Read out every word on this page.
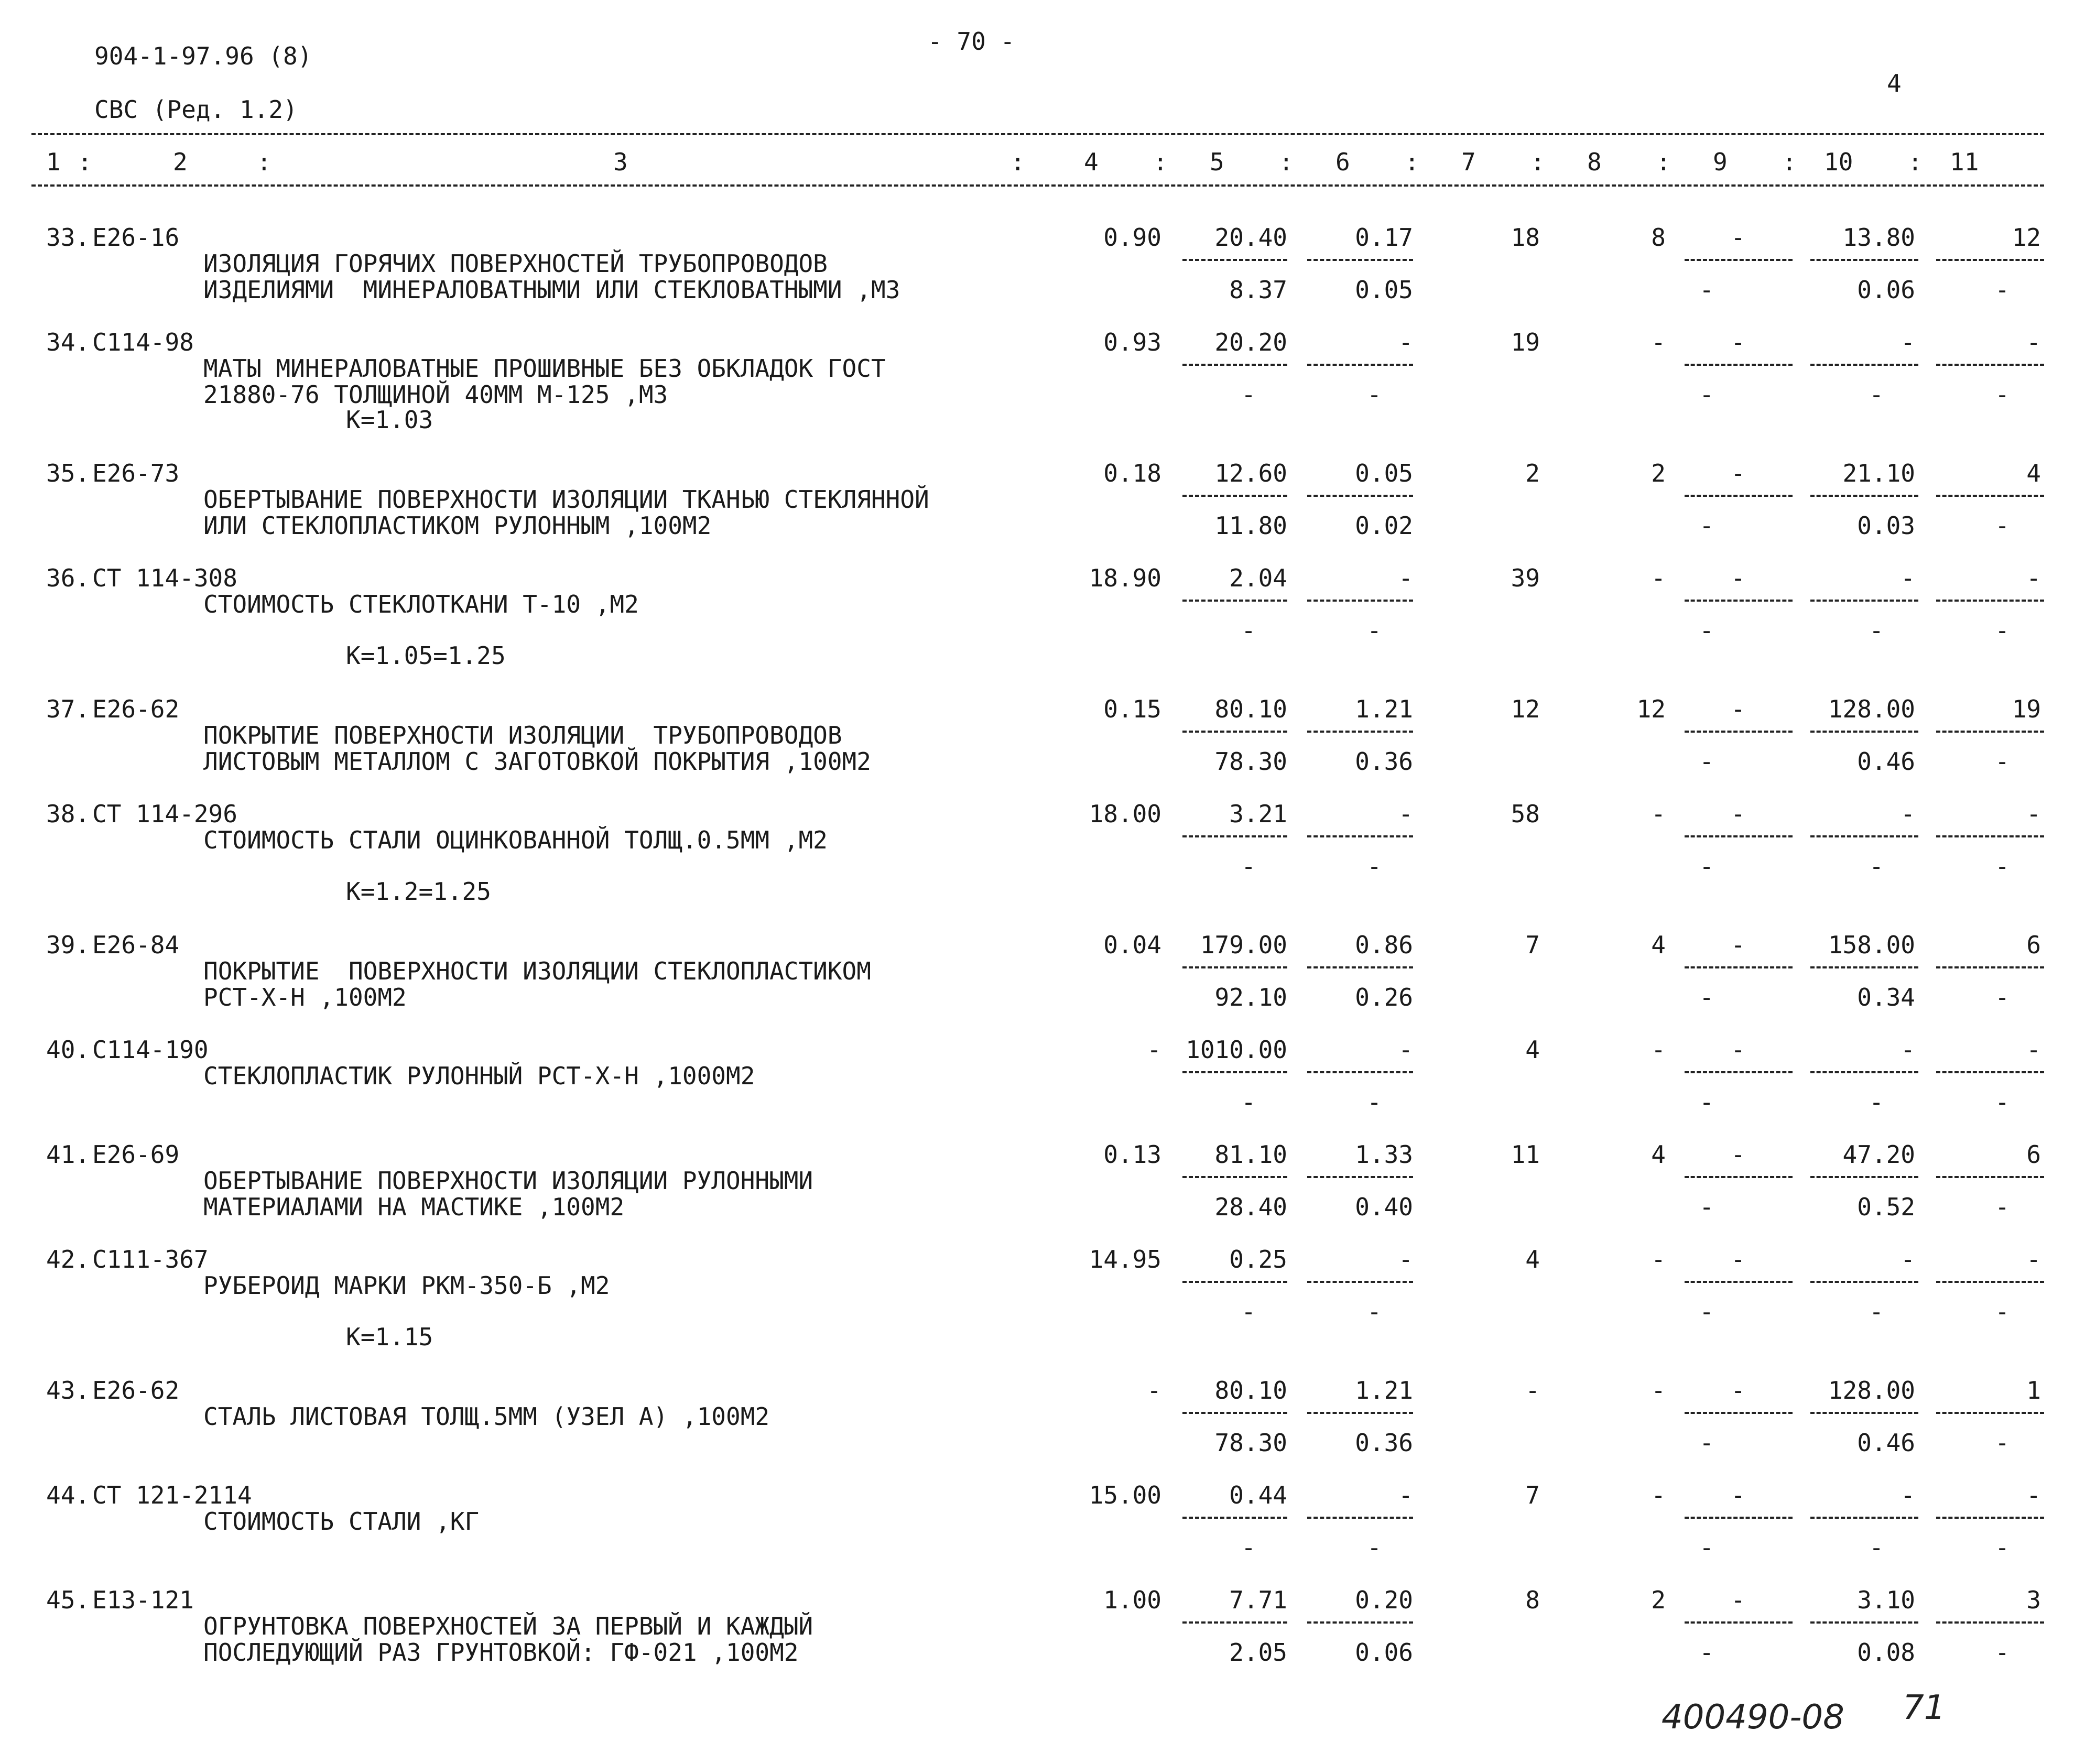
904-1-97.96 (8)
СВС (Ред. 1.2)
- 70 -
4
1 :	2	:	3	: 4 : 5 : 6 : 7 : 8 : 9 : 10 : 11
33. Е26-16
ИЗОЛЯЦИЯ ГОРЯЧИХ ПОВЕРХНОСТЕЙ ТРУБОПРОВОДОВ
ИЗДЕЛИЯМИ  МИНЕРАЛОВАТНЫМИ ИЛИ СТЕКЛОВАТНЫМИ ,М3
0.90	20.40	0.17	18	8	-	13.80	12
8.37	0.05	-	0.06	-
34. С114-98
МАТЫ МИНЕРАЛОВАТНЫЕ ПРОШИВНЫЕ БЕЗ ОБКЛАДОК ГОСТ
21880-76 ТОЛЩИНОЙ 40ММ М-125 ,М3
0.93	20.20	-	19	-	-	-	-
-	-	-	-	-
К=1.03
35. Е26-73
ОБЕРТЫВАНИЕ ПОВЕРХНОСТИ ИЗОЛЯЦИИ ТКАНЬЮ СТЕКЛЯННОЙ
ИЛИ СТЕКЛОПЛАСТИКОМ РУЛОННЫМ ,100М2
0.18	12.60	0.05	2	2	-	21.10	4
11.80	0.02	-	0.03	-
36. СТ 114-308
СТОИМОСТЬ СТЕКЛОТКАНИ Т-10 ,М2
18.90	2.04	-	39	-	-	-	-
-	-	-	-	-
К=1.05=1.25
37. Е26-62
ПОКРЫТИЕ ПОВЕРХНОСТИ ИЗОЛЯЦИИ  ТРУБОПРОВОДОВ
ЛИСТОВЫМ МЕТАЛЛОМ С ЗАГОТОВКОЙ ПОКРЫТИЯ ,100М2
0.15	80.10	1.21	12	12	-	128.00	19
78.30	0.36	-	0.46	-
38. СТ 114-296
СТОИМОСТЬ СТАЛИ ОЦИНКОВАННОЙ ТОЛЩ.0.5ММ ,М2
18.00	3.21	-	58	-	-	-	-
-	-	-	-	-
К=1.2=1.25
39. Е26-84
ПОКРЫТИЕ  ПОВЕРХНОСТИ ИЗОЛЯЦИИ СТЕКЛОПЛАСТИКОМ
РСТ-Х-Н ,100М2
0.04	179.00	0.86	7	4	-	158.00	6
92.10	0.26	-	0.34	-
40. С114-190
СТЕКЛОПЛАСТИК РУЛОННЫЙ РСТ-Х-Н ,1000М2
-	1010.00	-	4	-	-	-	-
-	-	-	-	-
41. Е26-69
ОБЕРТЫВАНИЕ ПОВЕРХНОСТИ ИЗОЛЯЦИИ РУЛОННЫМИ
МАТЕРИАЛАМИ НА МАСТИКЕ ,100М2
0.13	81.10	1.33	11	4	-	47.20	6
28.40	0.40	-	0.52	-
42. С111-367
РУБЕРОИД МАРКИ РКМ-350-Б ,М2
14.95	0.25	-	4	-	-	-	-
-	-	-	-	-
К=1.15
43. Е26-62
СТАЛЬ ЛИСТОВАЯ ТОЛЩ.5ММ (УЗЕЛ А) ,100М2
-	80.10	1.21	-	-	-	128.00	1
78.30	0.36	-	0.46	-
44. СТ 121-2114
СТОИМОСТЬ СТАЛИ ,КГ
15.00	0.44	-	7	-	-	-	-
-	-	-	-	-
45. Е13-121
ОГРУНТОВКА ПОВЕРХНОСТЕЙ ЗА ПЕРВЫЙ И КАЖДЫЙ
ПОСЛЕДУЮЩИЙ РАЗ ГРУНТОВКОЙ: ГФ-021 ,100М2
1.00	7.71	0.20	8	2	-	3.10	3
2.05	0.06	-	0.08	-
400490-08 71
